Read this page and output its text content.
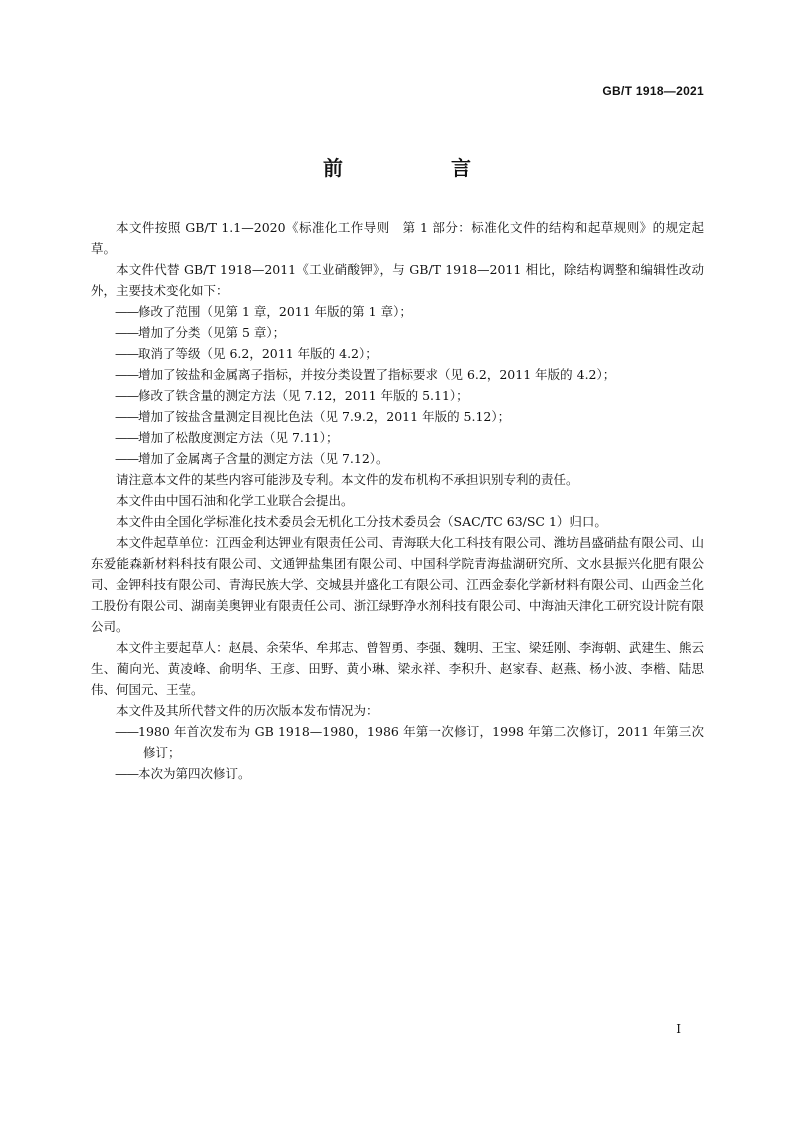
GB/T 1918—2021
前　言

本文件按照 GB/T 1.1—2020《标准化工作导则　第 1 部分：标准化文件的结构和起草规则》的规定起草。

本文件代替 GB/T 1918—2011《工业硝酸钾》，与 GB/T 1918—2011 相比，除结构调整和编辑性改动外，主要技术变化如下：

——修改了范围（见第 1 章，2011 年版的第 1 章）；
——增加了分类（见第 5 章）；
——取消了等级（见 6.2，2011 年版的 4.2）；
——增加了铵盐和金属离子指标，并按分类设置了指标要求（见 6.2，2011 年版的 4.2）；
——修改了铁含量的测定方法（见 7.12，2011 年版的 5.11）；
——增加了铵盐含量测定目视比色法（见 7.9.2，2011 年版的 5.12）；
——增加了松散度测定方法（见 7.11）；
——增加了金属离子含量的测定方法（见 7.12）。

请注意本文件的某些内容可能涉及专利。本文件的发布机构不承担识别专利的责任。

本文件由中国石油和化学工业联合会提出。

本文件由全国化学标准化技术委员会无机化工分技术委员会（SAC/TC 63/SC 1）归口。

本文件起草单位：江西金利达钾业有限责任公司、青海联大化工科技有限公司、潍坊昌盛硝盐有限公司、山东爱能森新材料科技有限公司、文通钾盐集团有限公司、中国科学院青海盐湖研究所、文水县振兴化肥有限公司、金钾科技有限公司、青海民族大学、交城县并盛化工有限公司、江西金泰化学新材料有限公司、山西金兰化工股份有限公司、湖南美奥钾业有限责任公司、浙江绿野净水剂科技有限公司、中海油天津化工研究设计院有限公司。

本文件主要起草人：赵晨、余荣华、牟邦志、曾智勇、李强、魏明、王宝、梁廷刚、李海朝、武建生、熊云生、蔺向光、黄凌峰、俞明华、王彦、田野、黄小琳、梁永祥、李积升、赵家春、赵燕、杨小波、李楷、陆思伟、何国元、王莹。

本文件及其所代替文件的历次版本发布情况为：

——1980 年首次发布为 GB 1918—1980，1986 年第一次修订，1998 年第二次修订，2011 年第三次修订；
——本次为第四次修订。
I
